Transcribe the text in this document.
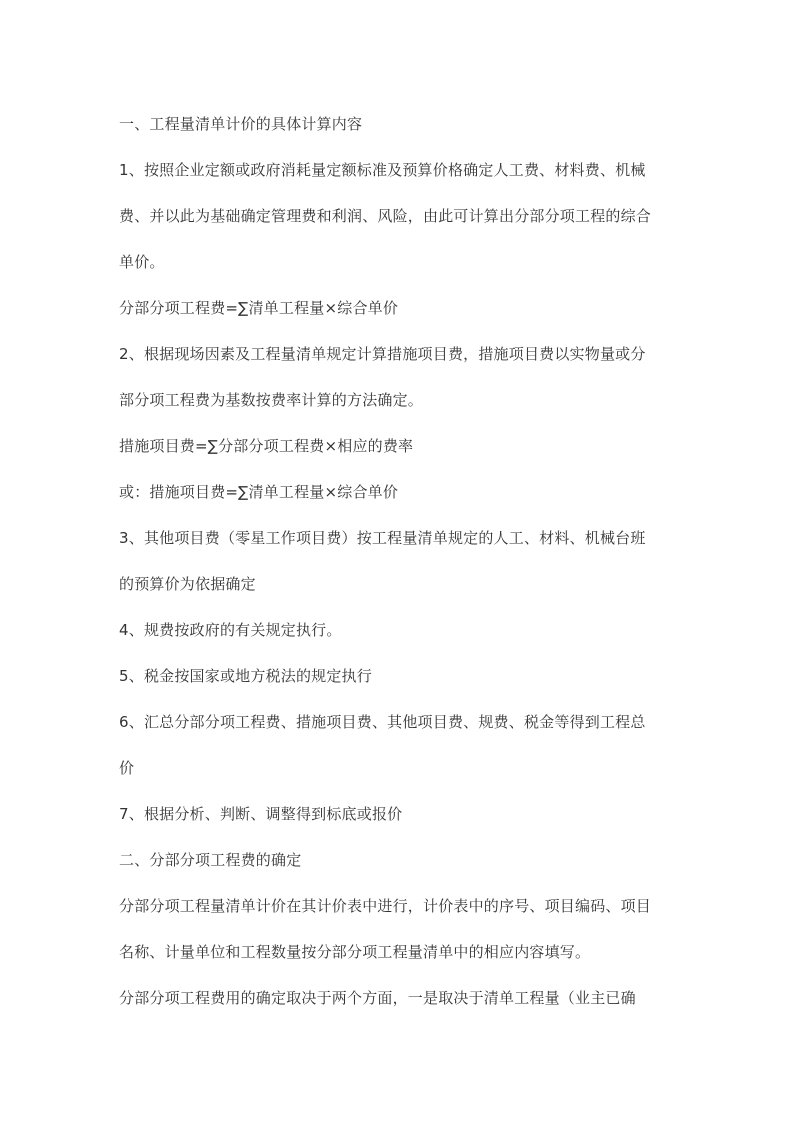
一、工程量清单计价的具体计算内容
1、按照企业定额或政府消耗量定额标准及预算价格确定人工费、材料费、机械
费、并以此为基础确定管理费和利润、风险，由此可计算出分部分项工程的综合
单价。
分部分项工程费=∑清单工程量×综合单价
2、根据现场因素及工程量清单规定计算措施项目费，措施项目费以实物量或分
部分项工程费为基数按费率计算的方法确定。
措施项目费=∑分部分项工程费×相应的费率
或：措施项目费=∑清单工程量×综合单价
3、其他项目费（零星工作项目费）按工程量清单规定的人工、材料、机械台班
的预算价为依据确定
4、规费按政府的有关规定执行。
5、税金按国家或地方税法的规定执行
6、汇总分部分项工程费、措施项目费、其他项目费、规费、税金等得到工程总
价
7、根据分析、判断、调整得到标底或报价
二、分部分项工程费的确定
分部分项工程量清单计价在其计价表中进行，计价表中的序号、项目编码、项目
名称、计量单位和工程数量按分部分项工程量清单中的相应内容填写。
分部分项工程费用的确定取决于两个方面，一是取决于清单工程量（业主已确
